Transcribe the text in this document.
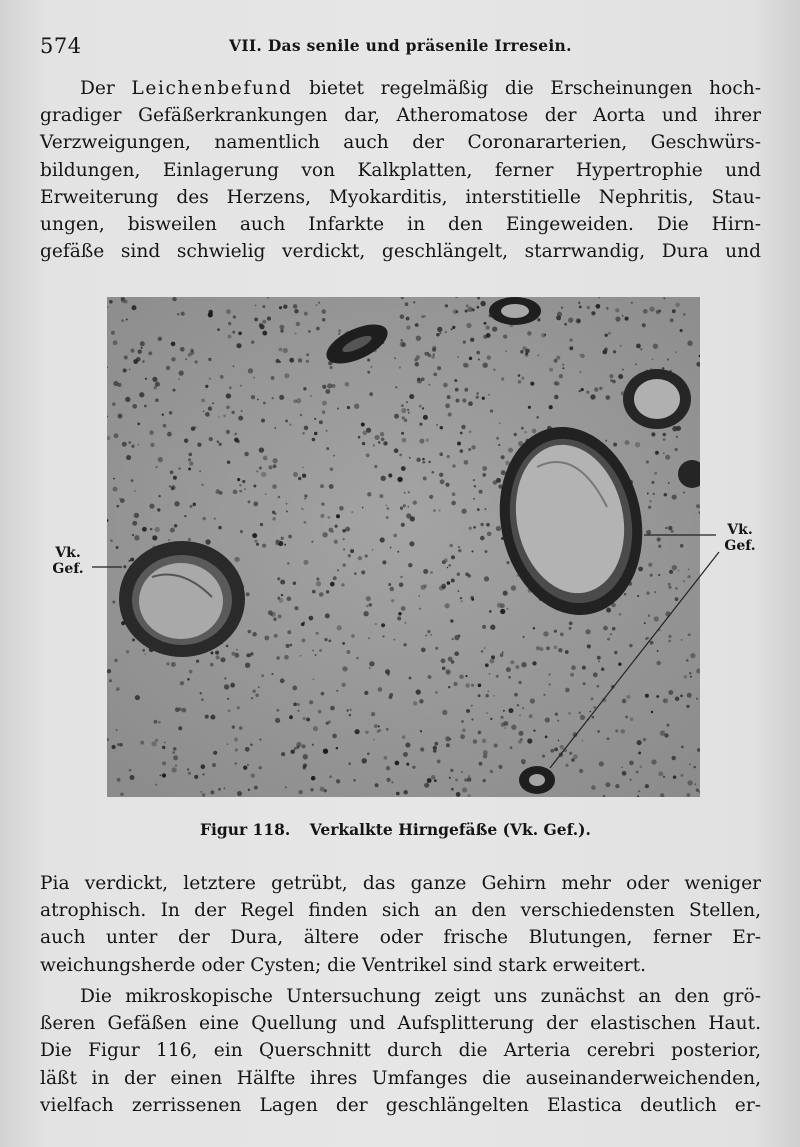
574	VII. Das senile und präsenile Irresein.
Der Leichenbefund bietet regelmäßig die Erscheinungen hoch-
gradiger Gefäßerkrankungen dar, Atheromatose der Aorta und ihrer
Verzweigungen, namentlich auch der Coronararterien, Geschwürs-
bildungen, Einlagerung von Kalkplatten, ferner Hypertrophie und
Erweiterung des Herzens, Myokarditis, interstitielle Nephritis, Stau-
ungen, bisweilen auch Infarkte in den Eingeweiden. Die Hirn-
gefäße sind schwielig verdickt, geschlängelt, starrwandig, Dura und
Vk.
Gef.
Vk.
Gef.
Figur 118. Verkalkte Hirngefäße (Vk. Gef.).
Pia verdickt, letztere getrübt, das ganze Gehirn mehr oder weniger
atrophisch. In der Regel finden sich an den verschiedensten Stellen,
auch unter der Dura, ältere oder frische Blutungen, ferner Er-
weichungsherde oder Cysten; die Ventrikel sind stark erweitert.
Die mikroskopische Untersuchung zeigt uns zunächst an den grö-
ßeren Gefäßen eine Quellung und Aufsplitterung der elastischen Haut.
Die Figur 116, ein Querschnitt durch die Arteria cerebri posterior,
läßt in der einen Hälfte ihres Umfanges die auseinanderweichenden,
vielfach zerrissenen Lagen der geschlängelten Elastica deutlich er-
